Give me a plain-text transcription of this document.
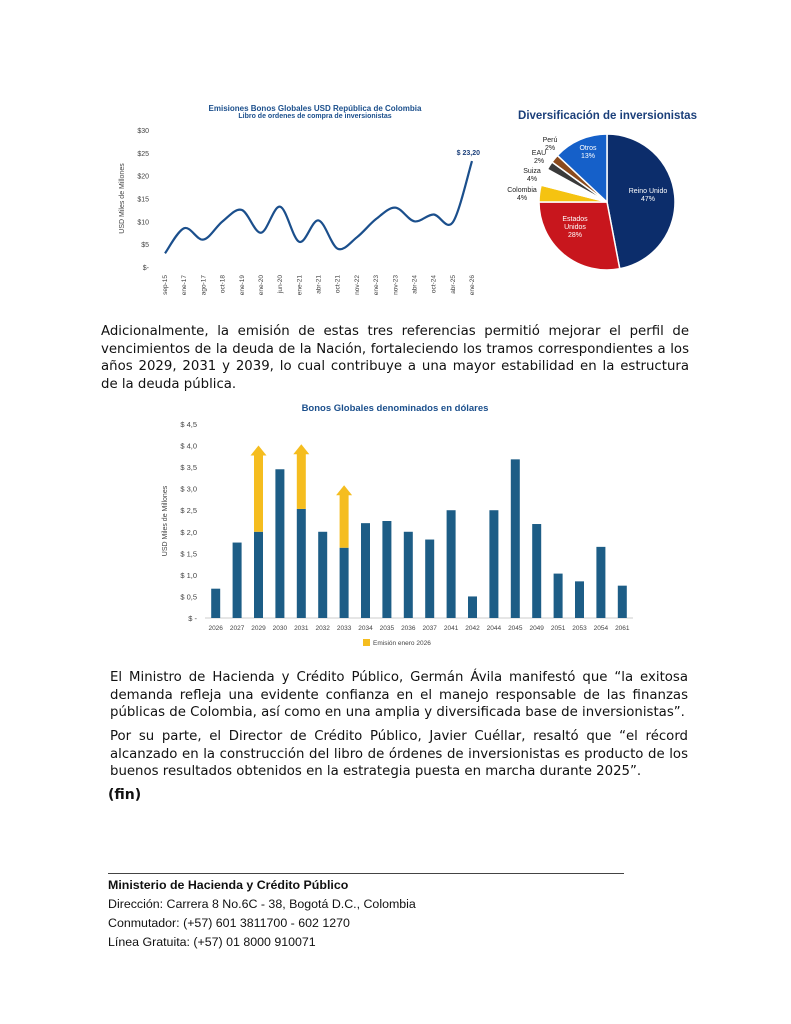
Emisiones Bonos Globales USD República de Colombia
Libro de ordenes de compra de inversionistas
$30
$25
$20
$15
$10
$5
$-
USD Miles de Millones
sep-15 ene-17 ago-17 oct-18 ene-19 ene-20 jun-20 ene-21 abr-21 oct-21 nov-22 ene-23 nov-23 abr-24 oct-24 abr-25 ene-26
$ 23,20
Diversificación de inversionistas
Reino Unido
47%
Estados
Unidos
28%
Colombia
4%
Suiza
4%
EAU
2%
Perú
2%	Otros
13%
Adicionalmente, la emisión de estas tres referencias permitió mejorar el perfil de
vencimientos de la deuda de la Nación, fortaleciendo los tramos correspondientes a los
años 2029, 2031 y 2039, lo cual contribuye a una mayor estabilidad en la estructura
de la deuda pública.
Bonos Globales denominados en dólares
$ 4,5
$ 4,0
$ 3,5
$ 3,0
$ 2,5
$ 2,0
$ 1,5
$ 1,0
$ 0,5
$ -
USD Miles de Millones
2026 2027 2029 2030 2031 2032 2033 2034 2035 2036 2037 2041 2042 2044 2045 2049 2051 2053 2054 2061
Emisión enero 2026
El Ministro de Hacienda y Crédito Público, Germán Ávila manifestó que “la exitosa
demanda refleja una evidente confianza en el manejo responsable de las finanzas
públicas de Colombia, así como en una amplia y diversificada base de inversionistas”.
Por su parte, el Director de Crédito Público, Javier Cuéllar, resaltó que “el récord
alcanzado en la construcción del libro de órdenes de inversionistas es producto de los
buenos resultados obtenidos en la estrategia puesta en marcha durante 2025”.
(fin)
Ministerio de Hacienda y Crédito Público
Dirección: Carrera 8 No.6C - 38, Bogotá D.C., Colombia
Conmutador: (+57) 601 3811700 - 602 1270
Línea Gratuita: (+57) 01 8000 910071
